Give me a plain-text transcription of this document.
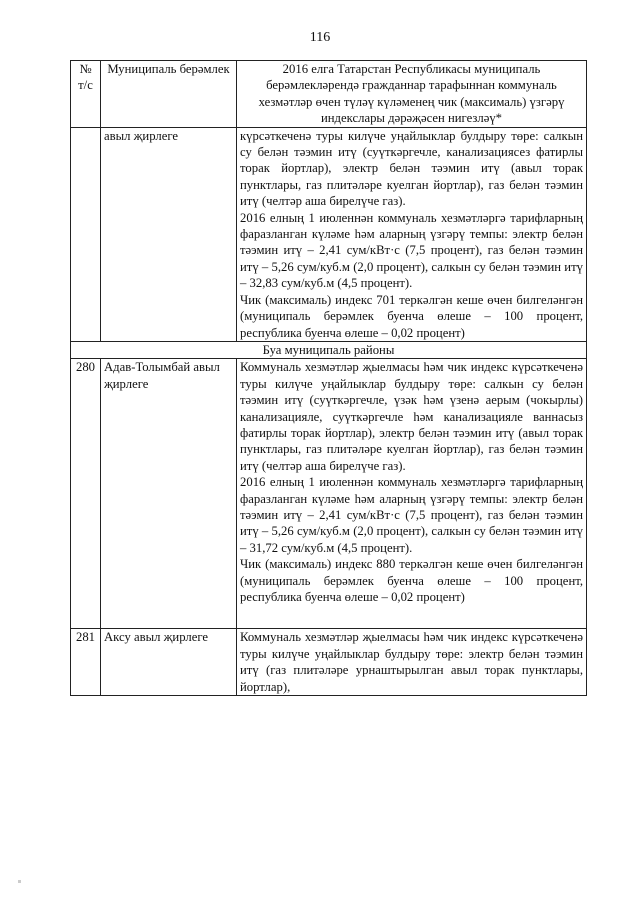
116
№ т/с	Муниципаль берәмлек	2016 елга Татарстан Республикасы муниципаль берәмлекләрендә гражданнар тарафыннан коммуналь хезмәтләр өчен түләү күләменең чик (максималь) үзгәрү индекслары дәрәҗәсен нигезләү*
	авыл җирлеге	күрсәткеченә туры килүче уңайлыклар булдыру төре: салкын су белән тәэмин итү (суүткәргечле, канализациясез фатирлы торак йортлар), электр белән тәэмин итү (авыл торак пунктлары, газ плитәләре куелган йортлар), газ белән тәэмин итү (челтәр аша бирелүче газ).

2016 елның 1 июленнән коммуналь хезмәтләргә тарифларның фаразланган күләме һәм аларның үзгәрү темпы: электр белән тәэмин итү – 2,41 сум/кВт·с (7,5 процент), газ белән тәэмин итү – 5,26 сум/куб.м (2,0 процент), салкын су белән тәэмин итү – 32,83 сум/куб.м (4,5 процент).

Чик (максималь) индекс 701 теркәлгән кеше өчен билгеләнгән (муниципаль берәмлек буенча өлеше – 100 процент, республика буенча өлеше – 0,02 процент)

Буа муниципаль районы		
280	Адав-Толымбай авыл җирлеге	Коммуналь хезмәтләр җыелмасы һәм чик индекс күрсәткеченә туры килүче уңайлыклар булдыру төре: салкын су белән тәэмин итү (суүткәргечле, үзәк һәм үзенә аерым (чокырлы) канализацияле, суүткәргечле һәм канализацияле ваннасыз фатирлы торак йортлар), электр белән тәэмин итү (авыл торак пунктлары, газ плитәләре куелган йортлар), газ белән тәэмин итү (челтәр аша бирелүче газ).

2016 елның 1 июленнән коммуналь хезмәтләргә тарифларның фаразланган күләме һәм аларның үзгәрү темпы: электр белән тәэмин итү – 2,41 сум/кВт·с (7,5 процент), газ белән тәэмин итү – 5,26 сум/куб.м (2,0 процент), салкын су белән тәэмин итү – 31,72 сум/куб.м (4,5 процент).

Чик (максималь) индекс 880 теркәлгән кеше өчен билгеләнгән (муниципаль берәмлек буенча өлеше – 100 процент, республика буенча өлеше – 0,02 процент)

281	Аксу авыл җирлеге	Коммуналь хезмәтләр җыелмасы һәм чик индекс күрсәткеченә туры килүче уңайлыклар булдыру төре: электр белән тәэмин итү (газ плитәләре урнаштырылган авыл торак пунктлары, йортлар),
